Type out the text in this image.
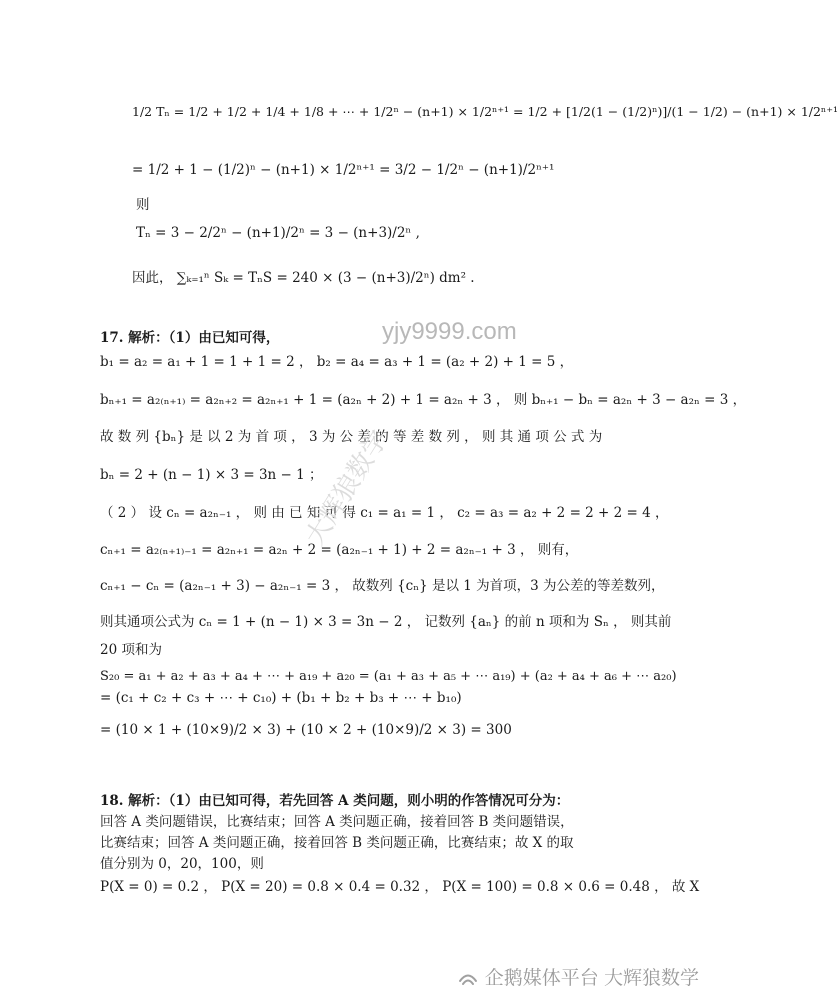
1/2 Tₙ = 1/2 + 1/2 + 1/4 + 1/8 + ⋯ + 1/2ⁿ − (n+1) × 1/2ⁿ⁺¹ = 1/2 + [1/2(1 − (1/2)ⁿ)]/(1 − 1/2) − (n+1) × 1/2ⁿ⁺¹
= 1/2 + 1 − (1/2)ⁿ − (n+1) × 1/2ⁿ⁺¹ = 3/2 − 1/2ⁿ − (n+1)/2ⁿ⁺¹
则
Tₙ = 3 − 2/2ⁿ − (n+1)/2ⁿ = 3 − (n+3)/2ⁿ ,
因此， ∑ₖ₌₁ⁿ Sₖ = TₙS = 240 × (3 − (n+3)/2ⁿ) dm² .
17. 解析：（1）由已知可得，
b₁ = a₂ = a₁ + 1 = 1 + 1 = 2 ， b₂ = a₄ = a₃ + 1 = (a₂ + 2) + 1 = 5 ，
bₙ₊₁ = a₂₍ₙ₊₁₎ = a₂ₙ₊₂ = a₂ₙ₊₁ + 1 = (a₂ₙ + 2) + 1 = a₂ₙ + 3 ， 则 bₙ₊₁ − bₙ = a₂ₙ + 3 − a₂ₙ = 3 ，
故 数 列 {bₙ} 是 以 2 为 首 项 ， 3 为 公 差 的 等 差 数 列 ， 则 其 通 项 公 式 为
bₙ = 2 + (n − 1) × 3 = 3n − 1 ；
（ 2 ） 设 cₙ = a₂ₙ₋₁ ， 则 由 已 知 可 得 c₁ = a₁ = 1 ， c₂ = a₃ = a₂ + 2 = 2 + 2 = 4 ，
cₙ₊₁ = a₂₍ₙ₊₁₎₋₁ = a₂ₙ₊₁ = a₂ₙ + 2 = (a₂ₙ₋₁ + 1) + 2 = a₂ₙ₋₁ + 3 ， 则有，
cₙ₊₁ − cₙ = (a₂ₙ₋₁ + 3) − a₂ₙ₋₁ = 3 ， 故数列 {cₙ} 是以 1 为首项，3 为公差的等差数列，
则其通项公式为 cₙ = 1 + (n − 1) × 3 = 3n − 2 ， 记数列 {aₙ} 的前 n 项和为 Sₙ ， 则其前
20 项和为
S₂₀ = a₁ + a₂ + a₃ + a₄ + ⋯ + a₁₉ + a₂₀ = (a₁ + a₃ + a₅ + ⋯ a₁₉) + (a₂ + a₄ + a₆ + ⋯ a₂₀)
= (c₁ + c₂ + c₃ + ⋯ + c₁₀) + (b₁ + b₂ + b₃ + ⋯ + b₁₀)
= (10 × 1 + (10×9)/2 × 3) + (10 × 2 + (10×9)/2 × 3) = 300
18. 解析：（1）由已知可得，若先回答 A 类问题，则小明的作答情况可分为：
回答 A 类问题错误，比赛结束；回答 A 类问题正确，接着回答 B 类问题错误，
比赛结束；回答 A 类问题正确，接着回答 B 类问题正确，比赛结束；故 X 的取
值分别为 0，20，100，则
P(X = 0) = 0.2 ， P(X = 20) = 0.8 × 0.4 = 0.32 ， P(X = 100) = 0.8 × 0.6 = 0.48 ， 故 X
yjy9999.com
大辉狼数学
企鹅媒体平台 大辉狼数学
